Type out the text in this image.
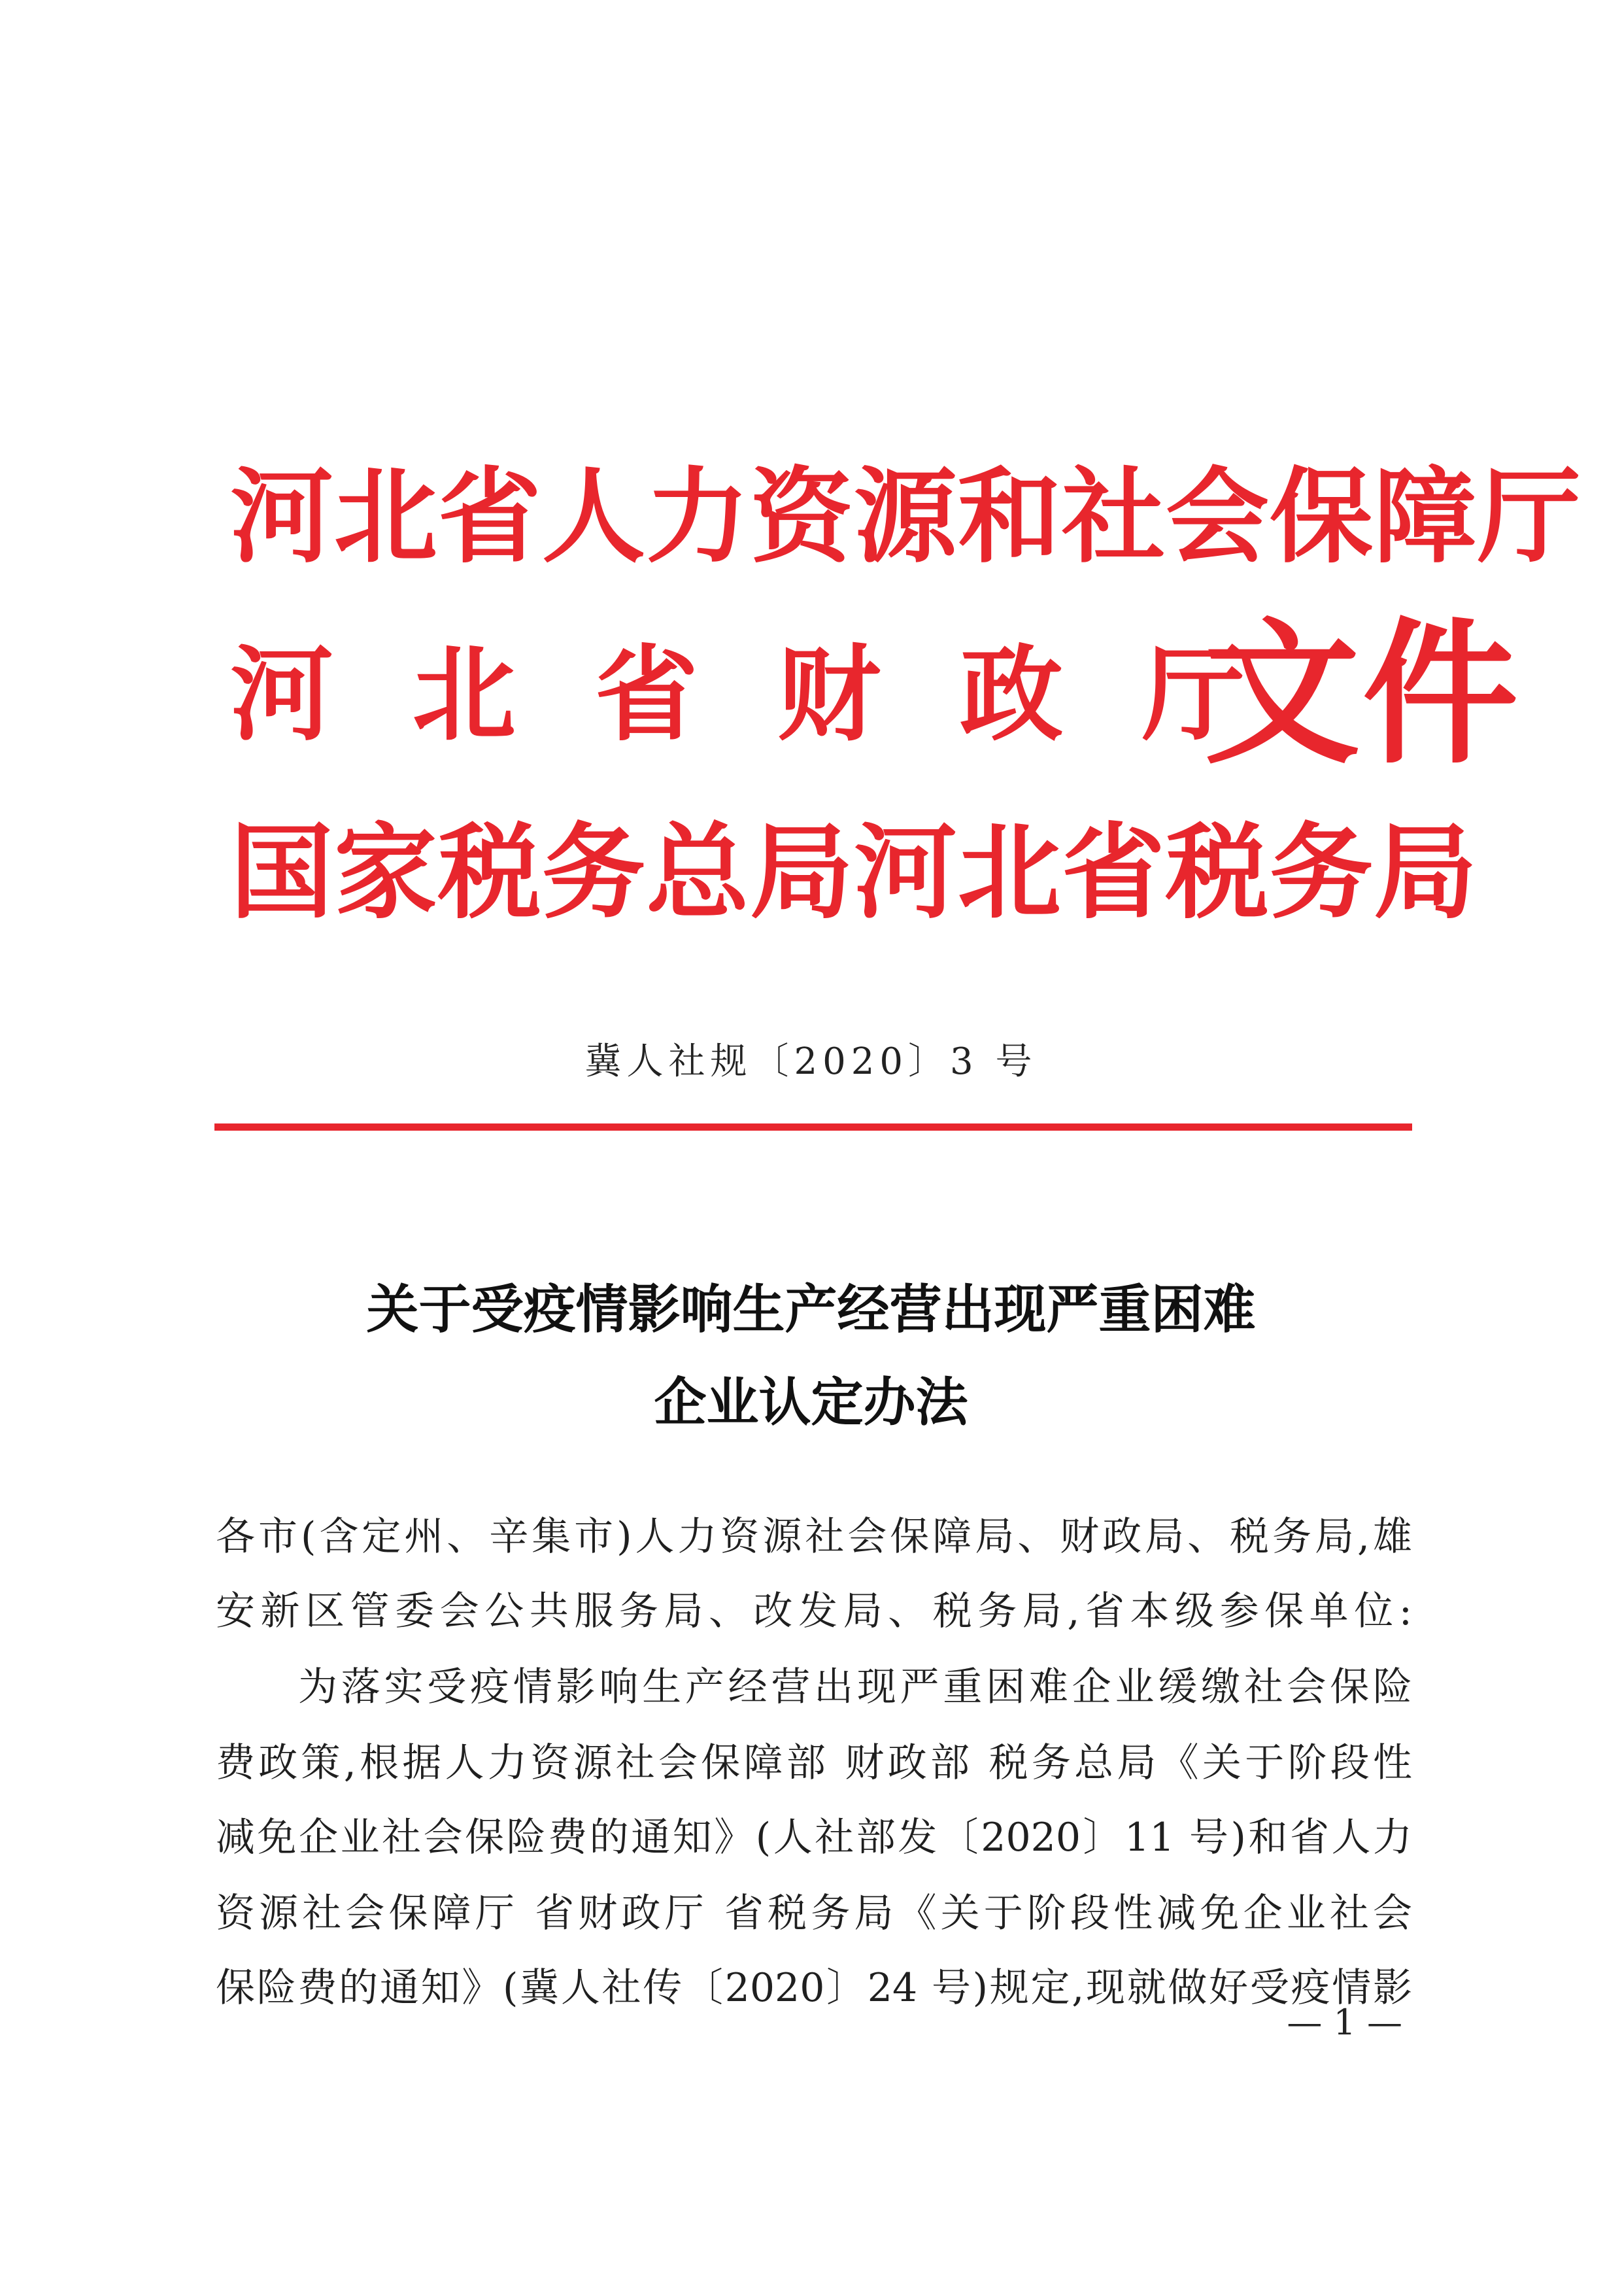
河北省人力资源和社会保障厅
河北省财政厅
国家税务总局河北省税务局
文件
冀人社规〔2020〕3 号
关于受疫情影响生产经营出现严重困难
企业认定办法
各市(含定州、辛集市)人力资源社会保障局、财政局、税务局,雄
安新区管委会公共服务局、改发局、税务局,省本级参保单位:
为落实受疫情影响生产经营出现严重困难企业缓缴社会保险
费政策,根据人力资源社会保障部 财政部 税务总局《关于阶段性
减免企业社会保险费的通知》(人社部发〔2020〕11 号)和省人力
资源社会保障厅 省财政厅 省税务局《关于阶段性减免企业社会
保险费的通知》(冀人社传〔2020〕24 号)规定,现就做好受疫情影
— 1 —
